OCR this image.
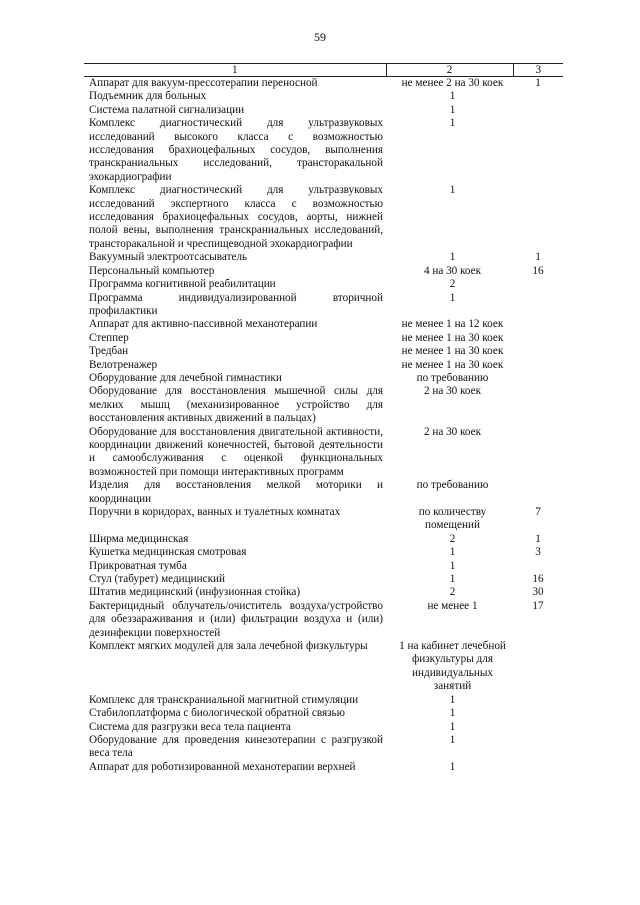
59
1	2	3
Аппарат для вакуум-прессотерапии переносной	не менее 2 на 30 коек	1
Подъемник для больных	1	
Система палатной сигнализации	1	
Комплекс диагностический для ультразвуковых исследований высокого класса с возможностью исследования брахиоцефальных сосудов, выполнения транскраниальных исследований, трансторакальной эхокардиографии	1	
Комплекс диагностический для ультразвуковых исследований экспертного класса с возможностью исследования брахиоцефальных сосудов, аорты, нижней полой вены, выполнения транскраниальных исследований, трансторакальной и чреспищеводной эхокардиографии	1	
Вакуумный электроотсасыватель	1	1
Персональный компьютер	4 на 30 коек	16
Программа когнитивной реабилитации	2	
Программа индивидуализированной вторичной профилактики	1	
Аппарат для активно-пассивной механотерапии	не менее 1 на 12 коек	
Степпер	не менее 1 на 30 коек	
Тредбан	не менее 1 на 30 коек	
Велотренажер	не менее 1 на 30 коек	
Оборудование для лечебной гимнастики	по требованию	
Оборудование для восстановления мышечной силы для мелких мышц (механизированное устройство для восстановления активных движений в пальцах)	2 на 30 коек	
Оборудование для восстановления двигательной активности, координации движений конечностей, бытовой деятельности и самообслуживания с оценкой функциональных возможностей при помощи интерактивных программ	2 на 30 коек	
Изделия для восстановления мелкой моторики и координации	по требованию	
Поручни в коридорах, ванных и туалетных комнатах	по количеству помещений	7
Ширма медицинская	2	1
Кушетка медицинская смотровая	1	3
Прикроватная тумба	1	
Стул (табурет) медицинский	1	16
Штатив медицинский (инфузионная стойка)	2	30
Бактерицидный облучатель/очиститель воздуха/устройство для обеззараживания и (или) фильтрации воздуха и (или) дезинфекции поверхностей	не менее 1	17
Комплект мягких модулей для зала лечебной физкультуры	1 на кабинет лечебной физкультуры для индивидуальных занятий	
Комплекс для транскраниальной магнитной стимуляции	1	
Стабилоплатформа с биологической обратной связью	1	
Система для разгрузки веса тела пациента	1	
Оборудование для проведения кинезотерапии с разгрузкой веса тела	1	
Аппарат для роботизированной механотерапии верхней	1	
